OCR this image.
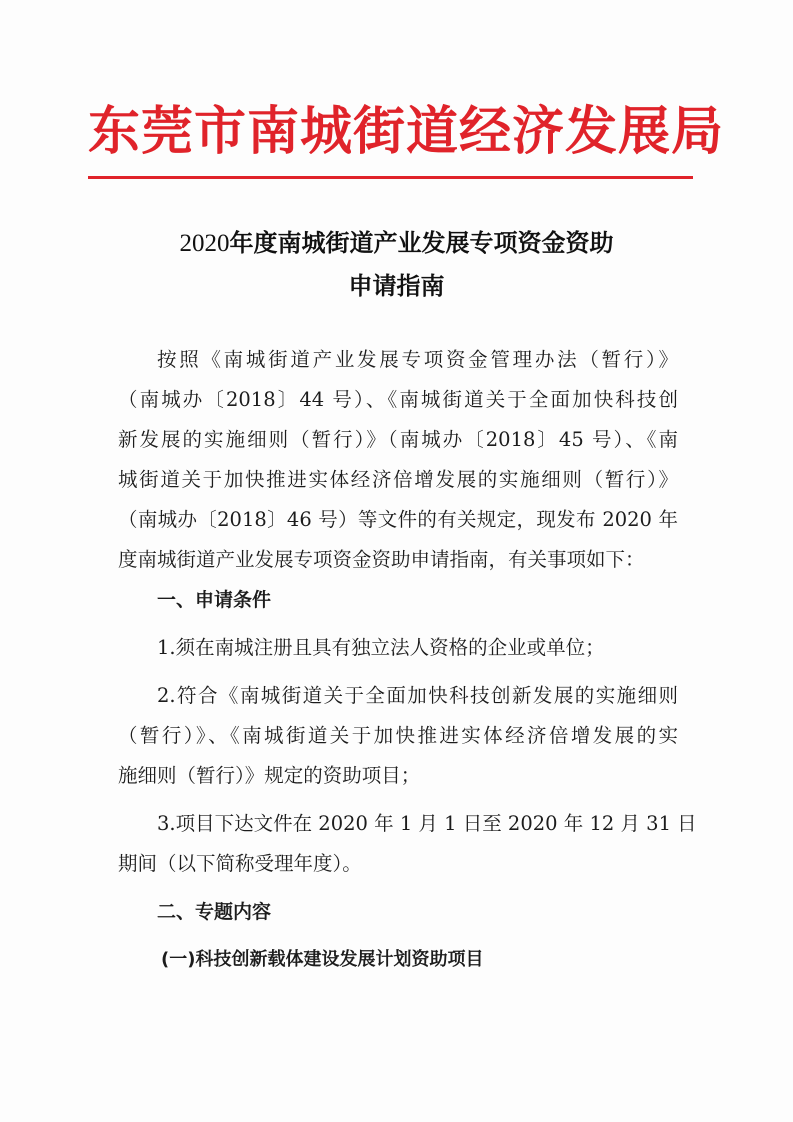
东莞市南城街道经济发展局
2020年度南城街道产业发展专项资金资助
申请指南
按照《南城街道产业发展专项资金管理办法（暂行）》
（南城办〔2018〕44 号）、《南城街道关于全面加快科技创
新发展的实施细则（暂行）》（南城办〔2018〕45 号）、《南
城街道关于加快推进实体经济倍增发展的实施细则（暂行）》
（南城办〔2018〕46 号）等文件的有关规定，现发布 2020 年
度南城街道产业发展专项资金资助申请指南，有关事项如下：
一、申请条件
1.须在南城注册且具有独立法人资格的企业或单位；
2.符合《南城街道关于全面加快科技创新发展的实施细则
（暂行）》、《南城街道关于加快推进实体经济倍增发展的实
施细则（暂行）》规定的资助项目；
3.项目下达文件在 2020 年 1 月 1 日至 2020 年 12 月 31 日
期间（以下简称受理年度）。
二、专题内容
(一)科技创新载体建设发展计划资助项目
